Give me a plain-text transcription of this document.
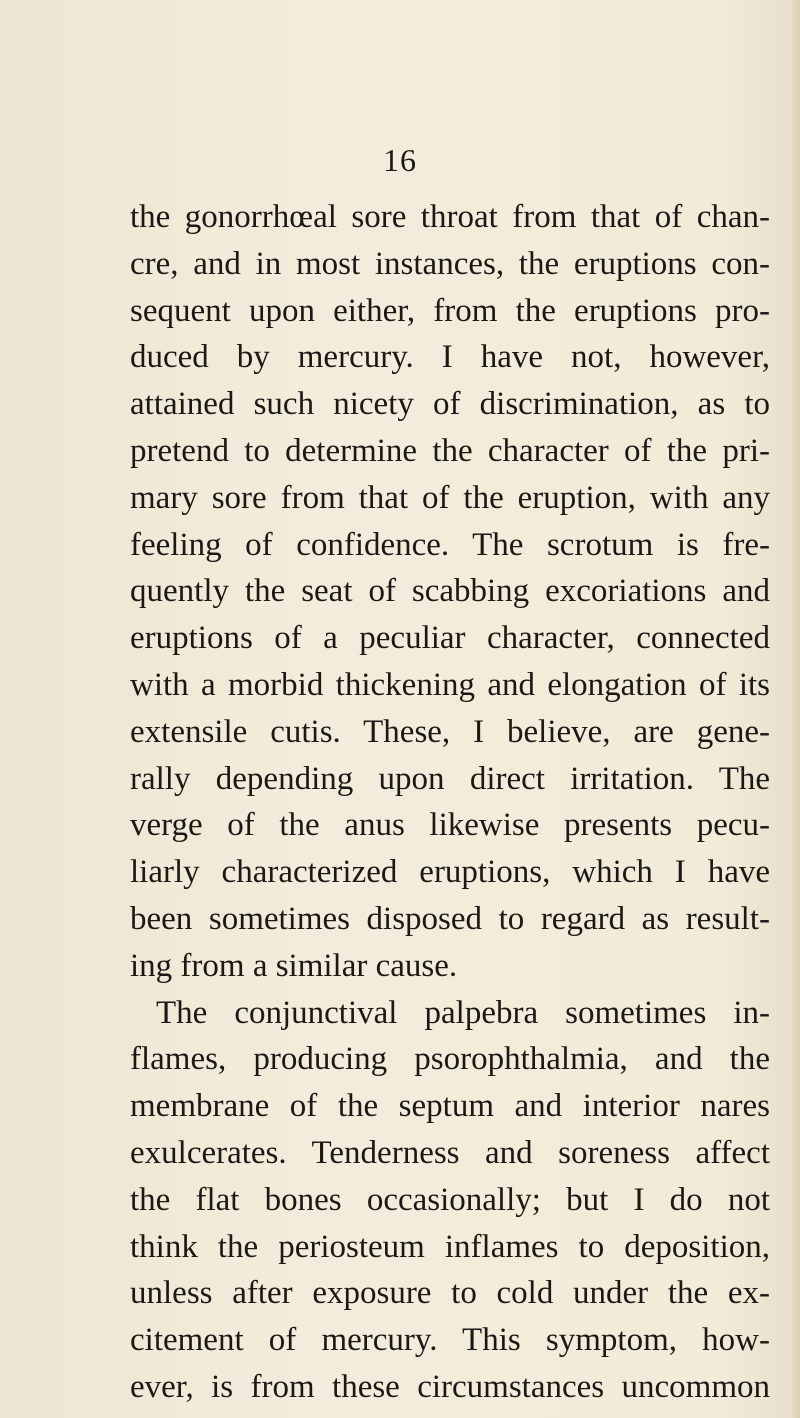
16
the gonorrhœal sore throat from that of chan-
cre, and in most instances, the eruptions con-
sequent upon either, from the eruptions pro-
duced by mercury. I have not, however,
attained such nicety of discrimination, as to
pretend to determine the character of the pri-
mary sore from that of the eruption, with any
feeling of confidence. The scrotum is fre-
quently the seat of scabbing excoriations and
eruptions of a peculiar character, connected
with a morbid thickening and elongation of its
extensile cutis. These, I believe, are gene-
rally depending upon direct irritation. The
verge of the anus likewise presents pecu-
liarly characterized eruptions, which I have
been sometimes disposed to regard as result-
ing from a similar cause.
The conjunctival palpebra sometimes in-
flames, producing psorophthalmia, and the
membrane of the septum and interior nares
exulcerates. Tenderness and soreness affect
the flat bones occasionally; but I do not
think the periosteum inflames to deposition,
unless after exposure to cold under the ex-
citement of mercury. This symptom, how-
ever, is from these circumstances uncommon
